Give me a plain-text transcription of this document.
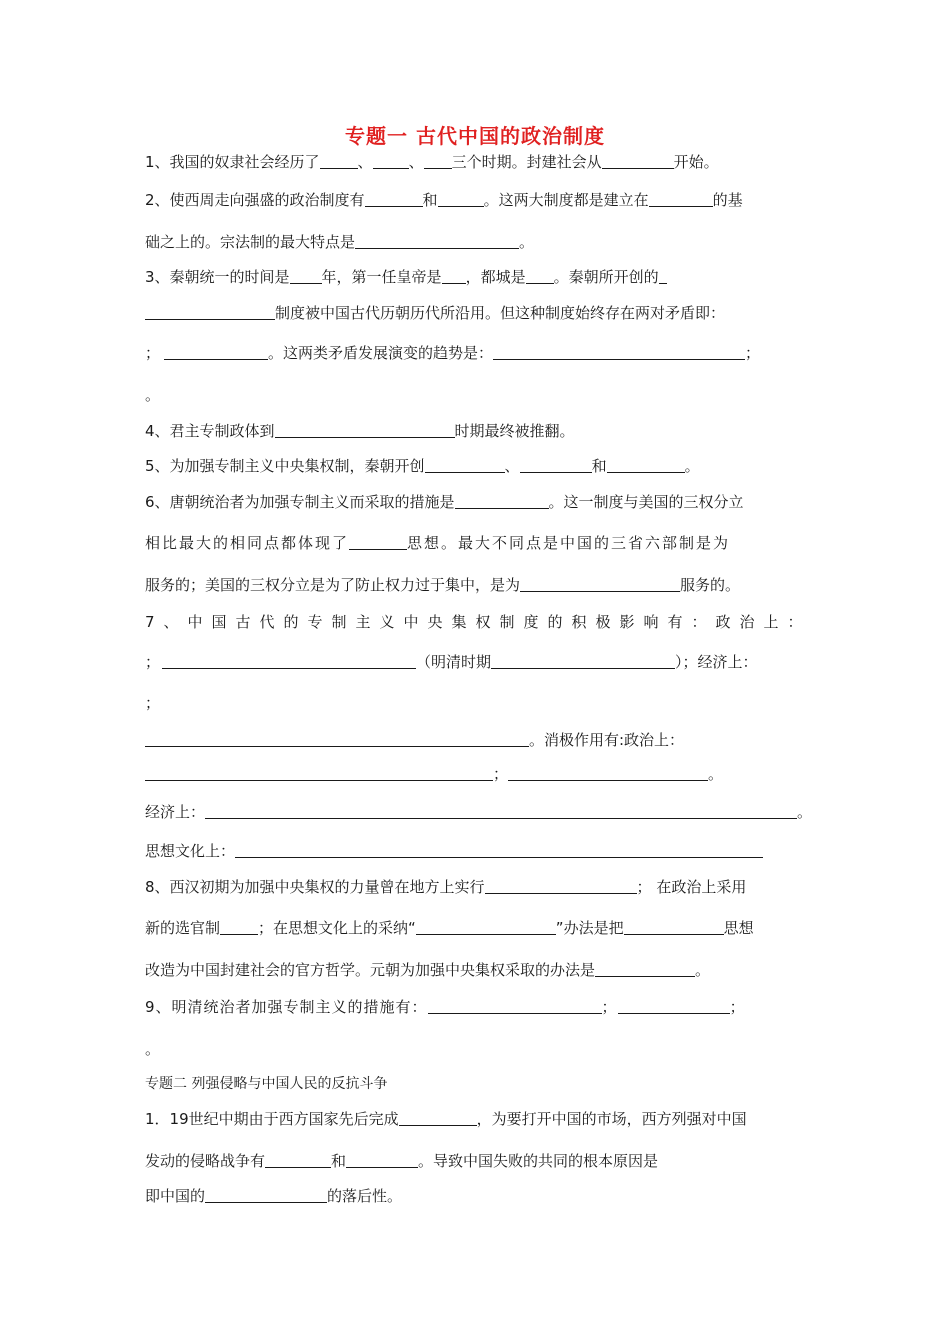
专题一 古代中国的政治制度
1、我国的奴隶社会经历了	、 、 三个时期。封建社会从	开始。
2、使西周走向强盛的政治制度有	和	。这两大制度都是建立在	的基
础之上的。宗法制的最大特点是	。
3、秦朝统一的时间是 年，第一任皇帝是 ，都城是 。秦朝所开创的
制度被中国古代历朝历代所沿用。但这种制度始终存在两对矛盾即：
；	。这两类矛盾发展演变的趋势是：	；
。
4、君主专制政体到	时期最终被推翻。
5、为加强专制主义中央集权制，秦朝开创	、	和	。
6、唐朝统治者为加强专制主义而采取的措施是	。这一制度与美国的三权分立
相比最大的相同点都体现了	思想。最大不同点是中国的三省六部制是为
服务的；美国的三权分立是为了防止权力过于集中，是为	服务的。
7、中国古代的专制主义中央集权制度的积极影响有：政治上：
；	（明清时期	）；经济上：
；
。消极作用有:政治上：
；	。
经济上：	。
思想文化上：
8、西汉初期为加强中央集权的力量曾在地方上实行	； 在政治上采用
新的选官制	；在思想文化上的采纳“	”办法是把	思想
改造为中国封建社会的官方哲学。元朝为加强中央集权采取的办法是	。
9、明清统治者加强专制主义的措施有：	；	；
。
专题二 列强侵略与中国人民的反抗斗争
1．19世纪中期由于西方国家先后完成	，为要打开中国的市场，西方列强对中国
发动的侵略战争有	和	。导致中国失败的共同的根本原因是
即中国的	的落后性。
